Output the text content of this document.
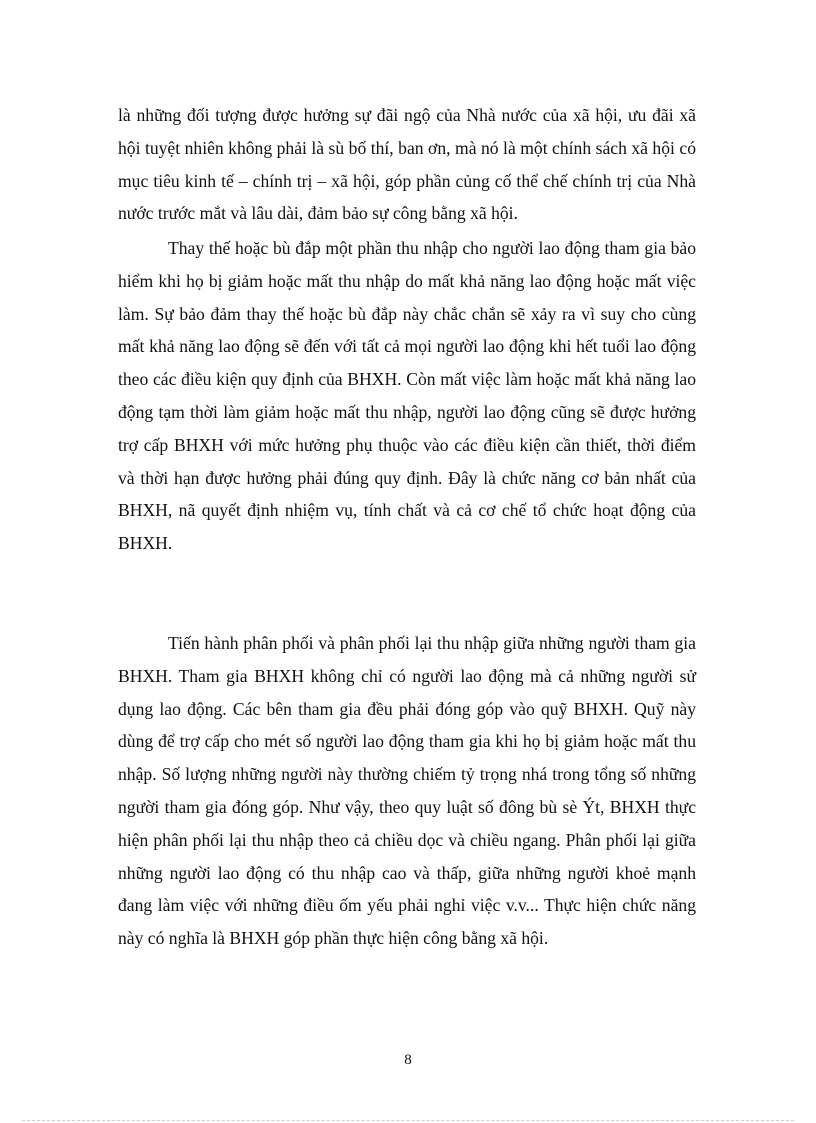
là những đối tượng được hưởng sự đãi ngộ của Nhà nước của xã hội, ưu đãi xã hội tuyệt nhiên không phải là sù bố thí, ban ơn, mà nó là một chính sách xã hội có mục tiêu kinh tế – chính trị – xã hội, góp phần củng cố thể chế chính trị của Nhà nước trước mắt và lâu dài, đảm bảo sự công bằng xã hội.

Thay thế hoặc bù đắp một phần thu nhập cho người lao động tham gia bảo hiểm khi họ bị giảm hoặc mất thu nhập do mất khả năng lao động hoặc mất việc làm. Sự bảo đảm thay thế hoặc bù đắp này chắc chắn sẽ xảy ra vì suy cho cùng mất khả năng lao động sẽ đến với tất cả mọi người lao động khi hết tuổi lao động theo các điều kiện quy định của BHXH. Còn mất việc làm hoặc mất khả năng lao động tạm thời làm giảm hoặc mất thu nhập, người lao động cũng sẽ được hưởng trợ cấp BHXH với mức hưởng phụ thuộc vào các điều kiện cần thiết, thời điểm và thời hạn được hưởng phải đúng quy định. Đây là chức năng cơ bản nhất của BHXH, nã quyết định nhiệm vụ, tính chất và cả cơ chế tổ chức hoạt động của BHXH.

Tiến hành phân phối và phân phối lại thu nhập giữa những người tham gia BHXH. Tham gia BHXH không chỉ có người lao động mà cả những người sử dụng lao động. Các bên tham gia đều phải đóng góp vào quỹ BHXH. Quỹ này dùng để trợ cấp cho mét số người lao động tham gia khi họ bị giảm hoặc mất thu nhập. Số lượng những người này thường chiếm tỷ trọng nhá trong tổng số những người tham gia đóng góp. Như vậy, theo quy luật số đông bù sè Ýt, BHXH thực hiện phân phối lại thu nhập theo cả chiều dọc và chiều ngang. Phân phối lại giữa những người lao động có thu nhập cao và thấp, giữa những người khoẻ mạnh đang làm việc với những điều ốm yếu phải nghỉ việc v.v... Thực hiện chức năng này có nghĩa là BHXH góp phần thực hiện công bằng xã hội.

8
